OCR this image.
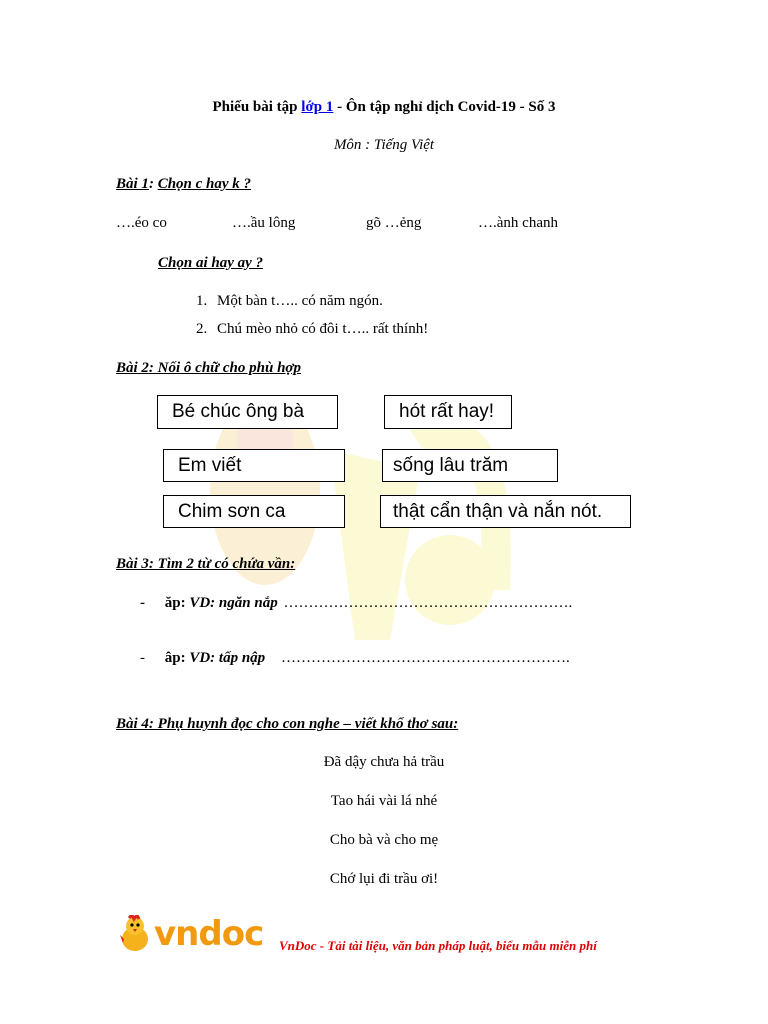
Phiếu bài tập lớp 1 - Ôn tập nghỉ dịch Covid-19 - Số 3
Môn : Tiếng Việt
Bài 1: Chọn c hay k ?
….éo co	….ầu lông	gõ …ẻng	….ành chanh
Chọn ai hay ay ?
1. Một bàn t….. có năm ngón.
2. Chú mèo nhỏ có đôi t….. rất thính!
Bài 2: Nối ô chữ cho phù hợp
Bé chúc ông bà
Em viết
Chim sơn ca
hót rất hay!
sống lâu trăm
thật cẩn thận và nắn nót.
Bài 3: Tìm 2 từ có chứa vần:
- ăp: VD: ngăn nắp ………………………………………………….
- âp: VD: tấp nập ………………………………………………….
Bài 4: Phụ huynh đọc cho con nghe – viết khổ thơ sau:
Đã dậy chưa hả trầu
Tao hái vài lá nhé
Cho bà và cho mẹ
Chớ lụi đi trầu ơi!
vndoc VnDoc - Tải tài liệu, văn bản pháp luật, biểu mẫu miễn phí
